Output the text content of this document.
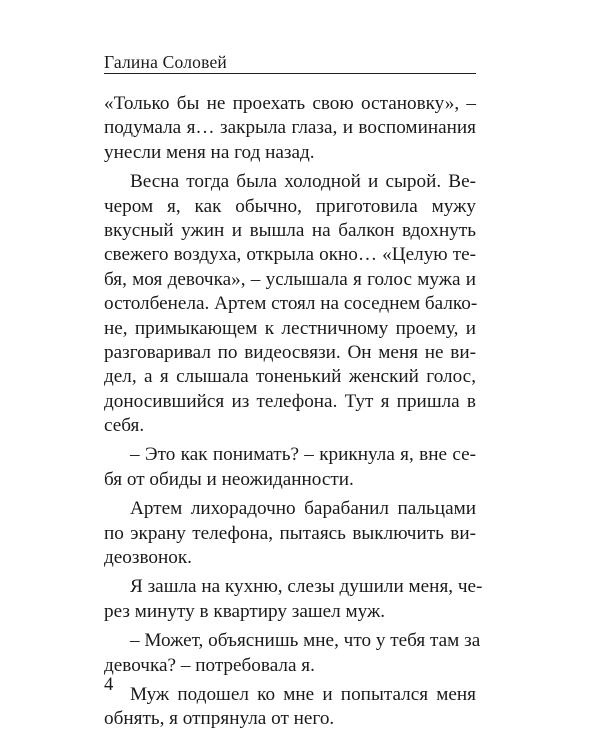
Галина Соловей
«Только бы не проехать свою остановку», –
подумала я… закрыла глаза, и воспоминания
унесли меня на год назад.
Весна тогда была холодной и сырой. Ве-
чером я, как обычно, приготовила мужу
вкусный ужин и вышла на балкон вдохнуть
свежего воздуха, открыла окно… «Целую те-
бя, моя девочка», – услышала я голос мужа и
остолбенела. Артем стоял на соседнем балко-
не, примыкающем к лестничному проему, и
разговаривал по видеосвязи. Он меня не ви-
дел, а я слышала тоненький женский голос,
доносившийся из телефона. Тут я пришла в
себя.
– Это как понимать? – крикнула я, вне се-
бя от обиды и неожиданности.
Артем лихорадочно барабанил пальцами
по экрану телефона, пытаясь выключить ви-
деозвонок.
Я зашла на кухню, слезы душили меня, че-
рез минуту в квартиру зашел муж.
– Может, объяснишь мне, что у тебя там за
девочка? – потребовала я.
Муж подошел ко мне и попытался меня
обнять, я отпрянула от него.
4
